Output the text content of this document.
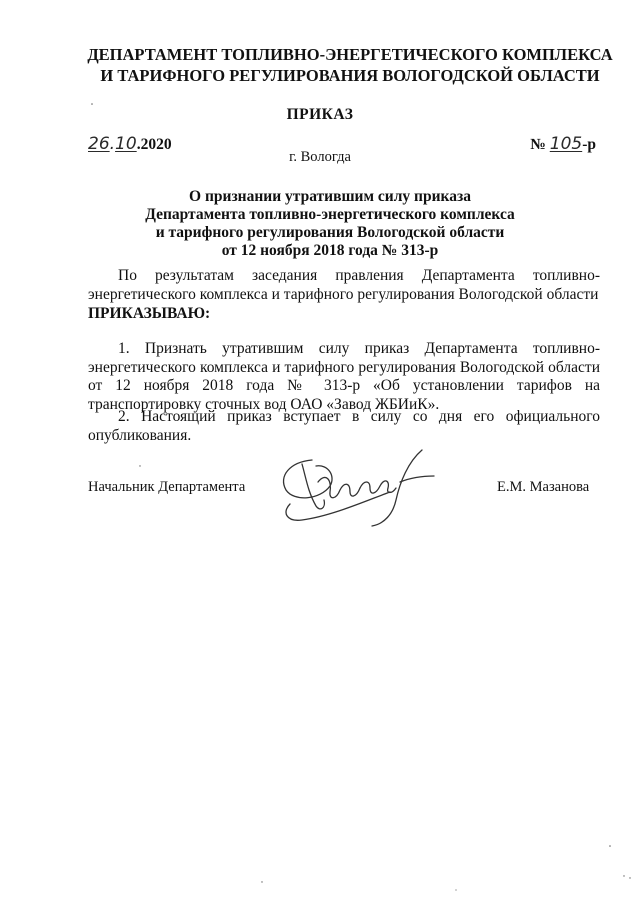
ДЕПАРТАМЕНТ ТОПЛИВНО-ЭНЕРГЕТИЧЕСКОГО КОМПЛЕКСА
И ТАРИФНОГО РЕГУЛИРОВАНИЯ ВОЛОГОДСКОЙ ОБЛАСТИ
ПРИКАЗ
26.10.2020	№ 105-р
г. Вологда
О признании утратившим силу приказа
Департамента топливно-энергетического комплекса
и тарифного регулирования Вологодской области
от 12 ноября 2018 года № 313-р
По результатам заседания правления Департамента топливно-энергетического комплекса и тарифного регулирования Вологодской области
ПРИКАЗЫВАЮ:
1. Признать утратившим силу приказ Департамента топливно-энергетического комплекса и тарифного регулирования Вологодской области от 12 ноября 2018 года № 313-р «Об установлении тарифов на транспортировку сточных вод ОАО «Завод ЖБИиК».
2. Настоящий приказ вступает в силу со дня его официального опубликования.
Начальник Департамента	Е.М. Мазанова
